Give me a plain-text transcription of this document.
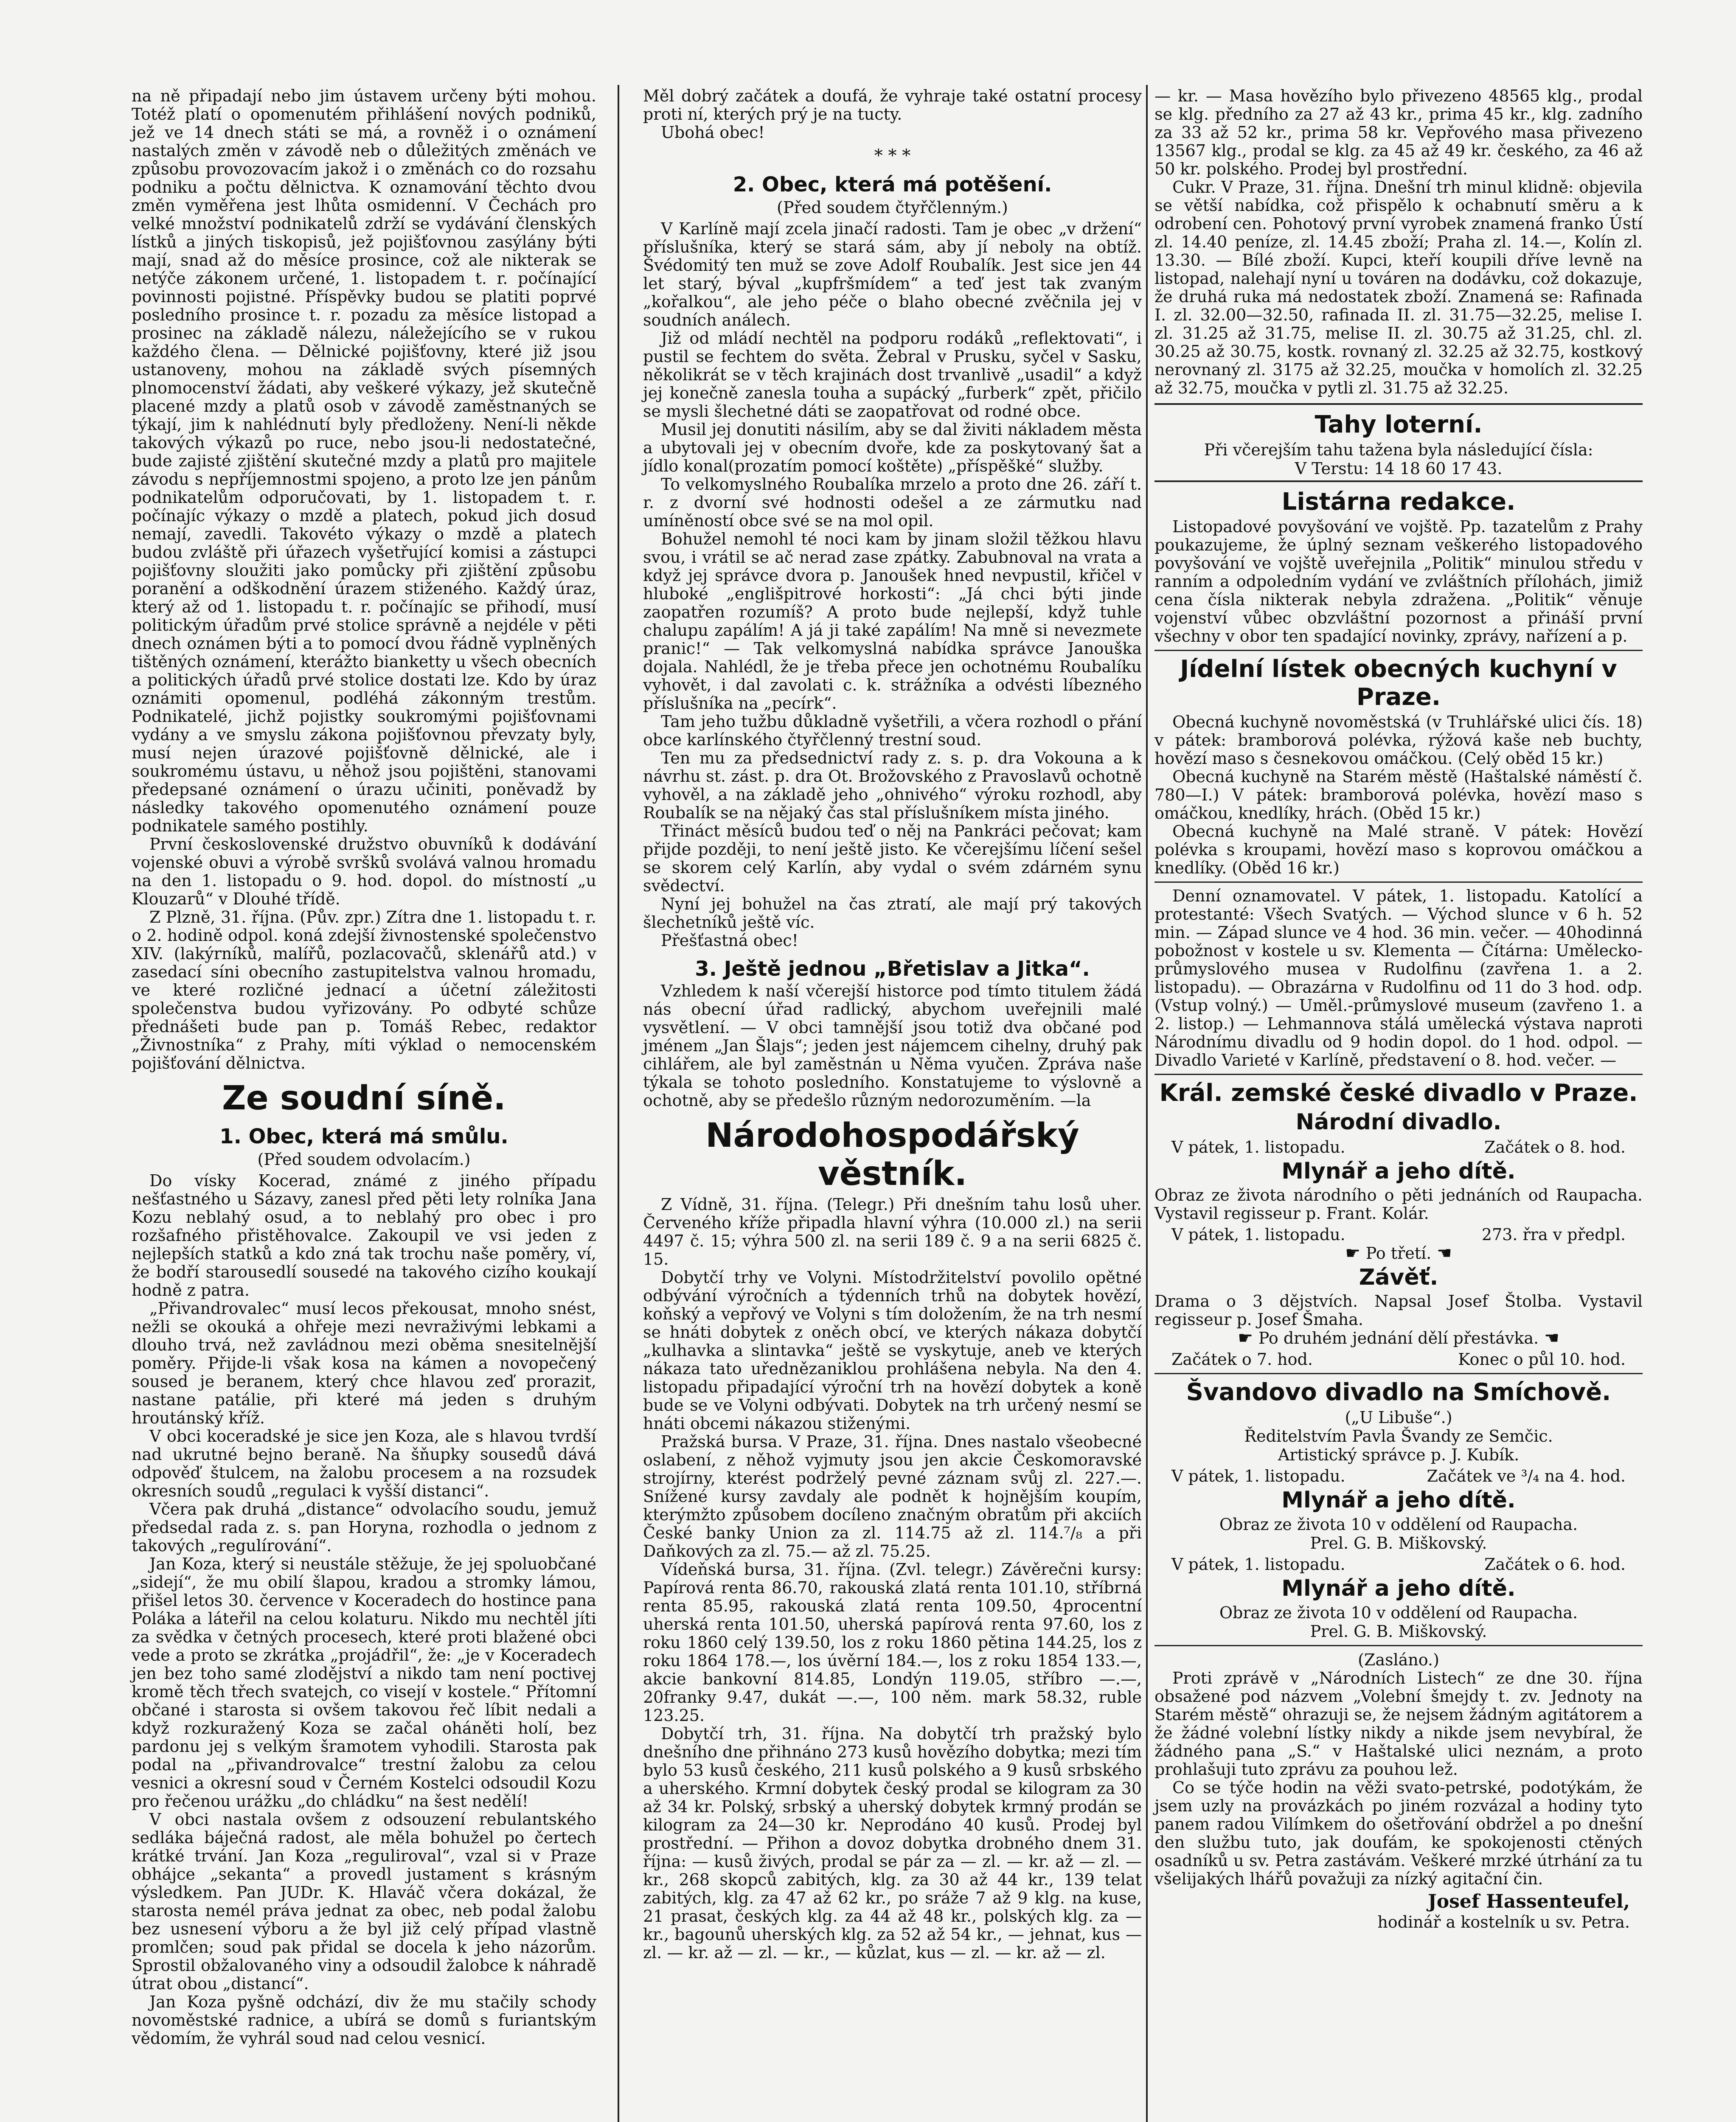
na ně připadají nebo jim ústavem určeny býti mohou. Totéž platí o opomenutém přihlášení nových podniků, jež ve 14 dnech státi se má, a rovněž i o oznámení nastalých změn v závodě neb o důležitých změnách ve způsobu provozovacím jakož i o změnách co do rozsahu podniku a počtu dělnictva. K oznamování těchto dvou změn vyměřena jest lhůta osmidenní. V Čechách pro velké množství podnikatelů zdrží se vydávání členských lístků a jiných tiskopisů, jež pojišťovnou zasýlány býti mají, snad až do měsíce prosince, což ale nikterak se netýče zákonem určené, 1. listopadem t. r. počínající povinnosti pojistné. Příspěvky budou se platiti poprvé posledního prosince t. r. pozadu za měsíce listopad a prosinec na základě nálezu, náležejícího se v rukou každého člena. — Dělnické pojišťovny, které již jsou ustanoveny, mohou na základě svých písemných plnomocenství žádati, aby veškeré výkazy, jež skutečně placené mzdy a platů osob v závodě zaměstnaných se týkají, jim k nahlédnutí byly předloženy. Není-li někde takových výkazů po ruce, nebo jsou-li nedostatečné, bude zajisté zjištění skutečné mzdy a platů pro majitele závodu s nepříjemnostmi spojeno, a proto lze jen pánům podnikatelům odporučovati, by 1. listopadem t. r. počínajíc výkazy o mzdě a platech, pokud jich dosud nemají, zavedli. Takovéto výkazy o mzdě a platech budou zvláště při úřazech vyšetřující komisi a zástupci pojišťovny sloužiti jako pomůcky při zjištění způsobu poranění a odškodnění úrazem stiženého. Každý úraz, který až od 1. listopadu t. r. počínajíc se přihodí, musí politickým úřadům prvé stolice správně a nejdéle v pěti dnech oznámen býti a to pomocí dvou řádně vyplněných tištěných oznámení, kterážto bianketty u všech obecních a politických úřadů prvé stolice dostati lze. Kdo by úraz oznámiti opomenul, podléhá zákonným trestům. Podnikatelé, jichž pojistky soukromými pojišťovnami vydány a ve smyslu zákona pojišťovnou převzaty byly, musí nejen úrazové pojišťovně dělnické, ale i soukromému ústavu, u něhož jsou pojištěni, stanovami předepsané oznámení o úrazu učiniti, poněvadž by následky takového opomenutého oznámení pouze podnikatele samého postihly.

První československé družstvo obuvníků k dodávání vojenské obuvi a výrobě svršků svolává valnou hromadu na den 1. listopadu o 9. hod. dopol. do místností „u Klouzarů“ v Dlouhé třídě.

Z Plzně, 31. října. (Pův. zpr.) Zítra dne 1. listopadu t. r. o 2. hodině odpol. koná zdejší živnostenské společenstvo XIV. (lakýrníků, malířů, pozlacovačů, sklenářů atd.) v zasedací síni obecního zastupitelstva valnou hromadu, ve které rozličné jednací a účetní záležitosti společenstva budou vyřizovány. Po odbyté schůze přednášeti bude pan p. Tomáš Rebec, redaktor „Živnostníka“ z Prahy, míti výklad o nemocenském pojišťování dělnictva.

Ze soudní síně.
1. Obec, která má smůlu.
(Před soudem odvolacím.)

Do vísky Kocerad, známé z jiného případu nešťastného u Sázavy, zanesl před pěti lety rolníka Jana Kozu neblahý osud, a to neblahý pro obec i pro rozšafného přistěhovalce. Zakoupil ve vsi jeden z nejlepších statků a kdo zná tak trochu naše poměry, ví, že bodří starousedlí sousedé na takového cizího koukají hodně z patra.

„Přivandrovalec“ musí lecos překousat, mnoho snést, nežli se okouká a ohřeje mezi nevraživými lebkami a dlouho trvá, než zavládnou mezi oběma snesitelnější poměry. Přijde-li však kosa na kámen a novopečený soused je beranem, který chce hlavou zeď prorazit, nastane patálie, při které má jeden s druhým hroutánský kříž.

V obci koceradské je sice jen Koza, ale s hlavou tvrdší nad ukrutné bejno beraně. Na šňupky sousedů dává odpověď štulcem, na žalobu procesem a na rozsudek okresních soudů „regulaci k vyšší distanci“.

Včera pak druhá „distance“ odvolacího soudu, jemuž předsedal rada z. s. pan Horyna, rozhodla o jednom z takových „regulírování“.

Jan Koza, který si neustále stěžuje, že jej spoluobčané „sidejí“, že mu obilí šlapou, kradou a stromky lámou, přišel letos 30. července v Koceradech do hostince pana Poláka a láteřil na celou kolaturu. Nikdo mu nechtěl jíti za svědka v četných procesech, které proti blažené obci vede a proto se zkrátka „projádřil“, že: „je v Koceradech jen bez toho samé zlodějství a nikdo tam není poctivej kromě těch třech svatejch, co visejí v kostele.“ Přítomní občané i starosta si ovšem takovou řeč líbit nedali a když rozkuražený Koza se začal oháněti holí, bez pardonu jej s velkým šramotem vyhodili. Starosta pak podal na „přivandrovalce“ trestní žalobu za celou vesnici a okresní soud v Černém Kostelci odsoudil Kozu pro řečenou urážku „do chládku“ na šest nedělí!

V obci nastala ovšem z odsouzení rebulantského sedláka báječná radost, ale měla bohužel po čertech krátké trvání. Jan Koza „reguliroval“, vzal si v Praze obhájce „sekanta“ a provedl justament s krásným výsledkem. Pan JUDr. K. Hlaváč včera dokázal, že starosta nemél práva jednat za obec, neb podal žalobu bez usnesení výboru a že byl již celý případ vlastně promlčen; soud pak přidal se docela k jeho názorům. Sprostil obžalovaného viny a odsoudil žalobce k náhradě útrat obou „distancí“.

Jan Koza pyšně odchází, div že mu stačily schody novoměstské radnice, a ubírá se domů s furiantským vědomím, že vyhrál soud nad celou vesnicí.

Měl dobrý začátek a doufá, že vyhraje také ostatní procesy proti ní, kterých prý je na tucty.

Ubohá obec!

* * *
2. Obec, která má potěšení.
(Před soudem čtyřčlenným.)

V Karlíně mají zcela jinačí radosti. Tam je obec „v držení“ příslušníka, který se stará sám, aby jí neboly na obtíž. Švédomitý ten muž se zove Adolf Roubalík. Jest sice jen 44 let starý, býval „kupfršmídem“ a teď jest tak zvaným „kořalkou“, ale jeho péče o blaho obecné zvěčnila jej v soudních análech.

Již od mládí nechtěl na podporu rodáků „reflektovati“, i pustil se fechtem do světa. Žebral v Prusku, syčel v Sasku, několikrát se v těch krajinách dost trvanlivě „usadil“ a když jej konečně zanesla touha a supácký „furberk“ zpět, přičilo se mysli šlechetné dáti se zaopatřovat od rodné obce.

Musil jej donutiti násilím, aby se dal živiti nákladem města a ubytovali jej v obecním dvoře, kde za poskytovaný šat a jídlo konal(prozatím pomocí koštěte) „příspěšké“ služby.

To velkomyslného Roubalíka mrzelo a proto dne 26. září t. r. z dvorní své hodnosti odešel a ze zármutku nad umíněností obce své se na mol opil.

Bohužel nemohl té noci kam by jinam složil těžkou hlavu svou, i vrátil se ač nerad zase zpátky. Zabubnoval na vrata a když jej správce dvora p. Janoušek hned nevpustil, křičel v hluboké „englišpitrové horkosti“: „Já chci býti jinde zaopatřen rozumíš? A proto bude nejlepší, když tuhle chalupu zapálím! A já ji také zapálím! Na mně si nevezmete pranic!“ — Tak velkomyslná nabídka správce Janouška dojala. Nahlédl, že je třeba přece jen ochotnému Roubalíku vyhovět, i dal zavolati c. k. strážníka a odvésti líbezného příslušníka na „pecírk“.

Tam jeho tužbu důkladně vyšetřili, a včera rozhodl o přání obce karlínského čtyřčlenný trestní soud.

Ten mu za předsednictví rady z. s. p. dra Vokouna a k návrhu st. zást. p. dra Ot. Brožovského z Pravoslavů ochotně vyhověl, a na základě jeho „ohnivého“ výroku rozhodl, aby Roubalík se na nějaký čas stal příslušníkem místa jiného.

Třináct měsíců budou teď o něj na Pankráci pečovat; kam přijde později, to není ještě jisto. Ke včerejšímu líčení sešel se skorem celý Karlín, aby vydal o svém zdárném synu svědectví.

Nyní jej bohužel na čas ztratí, ale mají prý takových šlechetníků ještě víc.

Přešťastná obec!

3. Ještě jednou „Břetislav a Jitka“.

Vzhledem k naší včerejší historce pod tímto titulem žádá nás obecní úřad radlický, abychom uveřejnili malé vysvětlení. — V obci tamnější jsou totiž dva občané pod jménem „Jan Šlajs“; jeden jest nájemcem cihelny, druhý pak cihlářem, ale byl zaměstnán u Něma vyučen. Zpráva naše týkala se tohoto posledního. Konstatujeme to výslovně a ochotně, aby se předešlo různým nedorozuměním. —la

Národohospodářský věstník.

Z Vídně, 31. října. (Telegr.) Při dnešním tahu losů uher. Červeného kříže připadla hlavní výhra (10.000 zl.) na serii 4497 č. 15; výhra 500 zl. na serii 189 č. 9 a na serii 6825 č. 15.

Dobytčí trhy ve Volyni. Místodržitelství povolilo opětné odbývání výročních a týdenních trhů na dobytek hovězí, koňský a vepřový ve Volyni s tím doložením, že na trh nesmí se hnáti dobytek z oněch obcí, ve kterých nákaza dobytčí „kulhavka a slintavka“ ještě se vyskytuje, aneb ve kterých nákaza tato uřednězaniklou prohlášena nebyla. Na den 4. listopadu připadající výroční trh na hovězí dobytek a koně bude se ve Volyni odbývati. Dobytek na trh určený nesmí se hnáti obcemi nákazou stiženými.

Pražská bursa. V Praze, 31. října. Dnes nastalo všeobecné oslabení, z něhož vyjmuty jsou jen akcie Českomoravské strojírny, kterést podrželý pevné záznam svůj zl. 227.—. Snížené kursy zavdaly ale podnět k hojnějším koupím, kterýmžto způsobem docíleno značným obratům při akciích České banky Union za zl. 114.75 až zl. 114.⁷/₈ a při Daňkových za zl. 75.— až zl. 75.25.

Vídeňská bursa, 31. října. (Zvl. telegr.) Závěrečni kursy: Papírová renta 86.70, rakouská zlatá renta 101.10, stříbrná renta 85.95, rakouská zlatá renta 109.50, 4procentní uherská renta 101.50, uherská papírová renta 97.60, los z roku 1860 celý 139.50, los z roku 1860 pětina 144.25, los z roku 1864 178.—, los úvěrní 184.—, los z roku 1854 133.—, akcie bankovní 814.85, Londýn 119.05, stříbro —.—, 20franky 9.47, dukát —.—, 100 něm. mark 58.32, ruble 123.25.

Dobytčí trh, 31. října. Na dobytčí trh pražský bylo dnešního dne přihnáno 273 kusů hovězího dobytka; mezi tím bylo 53 kusů českého, 211 kusů polského a 9 kusů srbského a uherského. Krmní dobytek český prodal se kilogram za 30 až 34 kr. Polský, srbský a uherský dobytek krmný prodán se kilogram za 24—30 kr. Neprodáno 40 kusů. Prodej byl prostřední. — Přihon a dovoz dobytka drobného dnem 31. října: — kusů živých, prodal se pár za — zl. — kr. až — zl. — kr., 268 skopců zabitých, klg. za 30 až 44 kr., 139 telat zabitých, klg. za 47 až 62 kr., po sráže 7 až 9 klg. na kuse, 21 prasat, českých klg. za 44 až 48 kr., polských klg. za — kr., bagounů uherských klg. za 52 až 54 kr., — jehnat, kus — zl. — kr. až — zl. — kr., — kůzlat, kus — zl. — kr. až — zl.

— kr. — Masa hovězího bylo přivezeno 48565 klg., prodal se klg. předního za 27 až 43 kr., prima 45 kr., klg. zadního za 33 až 52 kr., prima 58 kr. Vepřového masa přivezeno 13567 klg., prodal se klg. za 45 až 49 kr. českého, za 46 až 50 kr. polského. Prodej byl prostřední.

Cukr. V Praze, 31. října. Dnešní trh minul klidně: objevila se větší nabídka, což přispělo k ochabnutí směru a k odrobení cen. Pohotový první vyrobek znamená franko Ústí zl. 14.40 peníze, zl. 14.45 zboží; Praha zl. 14.—, Kolín zl. 13.30. — Bílé zboží. Kupci, kteří koupili dříve levně na listopad, nalehají nyní u továren na dodávku, což dokazuje, že druhá ruka má nedostatek zboží. Znamená se: Rafinada I. zl. 32.00—32.50, rafinada II. zl. 31.75—32.25, melise I. zl. 31.25 až 31.75, melise II. zl. 30.75 až 31.25, chl. zl. 30.25 až 30.75, kostk. rovnaný zl. 32.25 až 32.75, kostkový nerovnaný zl. 3175 až 32.25, moučka v homolích zl. 32.25 až 32.75, moučka v pytli zl. 31.75 až 32.25.

Tahy loterní.

Při včerejším tahu tažena byla následující čísla:

V Terstu: 14 18 60 17 43.

Listárna redakce.

Listopadové povyšování ve vojště. Pp. tazatelům z Prahy poukazujeme, že úplný seznam veškerého listopadového povyšování ve vojště uveřejnila „Politik“ minulou středu v ranním a odpoledním vydání ve zvláštních přílohách, jimiž cena čísla nikterak nebyla zdražena. „Politik“ věnuje vojenství vůbec obzvláštní pozornost a přináší první všechny v obor ten spadající novinky, zprávy, nařízení a p.

Jídelní lístek obecných kuchyní v Praze.

Obecná kuchyně novoměstská (v Truhlářské ulici čís. 18) v pátek: bramborová polévka, rýžová kaše neb buchty, hovězí maso s česnekovou omáčkou. (Celý oběd 15 kr.)

Obecná kuchyně na Starém městě (Haštalské náměstí č. 780—I.) V pátek: bramborová polévka, hovězí maso s omáčkou, knedlíky, hrách. (Oběd 15 kr.)

Obecná kuchyně na Malé straně. V pátek: Hovězí polévka s kroupami, hovězí maso s koprovou omáčkou a knedlíky. (Oběd 16 kr.)

Denní oznamovatel. V pátek, 1. listopadu. Katolící a protestanté: Všech Svatých. — Východ slunce v 6 h. 52 min. — Západ slunce ve 4 hod. 36 min. večer. — 40hodinná pobožnost v kostele u sv. Klementa — Čítárna: Umělecko-průmyslového musea v Rudolfinu (zavřena 1. a 2. listopadu). — Obrazárna v Rudolfinu od 11 do 3 hod. odp. (Vstup volný.) — Uměl.-průmyslové museum (zavřeno 1. a 2. listop.) — Lehmannova stálá umělecká výstava naproti Národnímu divadlu od 9 hodin dopol. do 1 hod. odpol. — Divadlo Varieté v Karlíně, představení o 8. hod. večer. —

Král. zemské české divadlo v Praze.
Národní divadlo.
V pátek, 1. listopadu.	Začátek o 8. hod.
Mlynář a jeho dítě.

Obraz ze života národního o pěti jednáních od Raupacha. Vystavil regisseur p. Frant. Kolár.

V pátek, 1. listopadu.	273. řra v předpl.

☛ Po třetí. ☚

Závěť.

Drama o 3 dějstvích. Napsal Josef Štolba. Vystavil regisseur p. Josef Šmaha.

☛ Po druhém jednání dělí přestávka. ☚

Začátek o 7. hod.	Konec o půl 10. hod.
Švandovo divadlo na Smíchově.

(„U Libuše“.)

Ředitelstvím Pavla Švandy ze Semčic.

Artistický správce p. J. Kubík.

V pátek, 1. listopadu.	Začátek ve ³/₄ na 4. hod.
Mlynář a jeho dítě.

Obraz ze života 10 v oddělení od Raupacha.

Prel. G. B. Miškovský.

V pátek, 1. listopadu.	Začátek o 6. hod.
Mlynář a jeho dítě.

Obraz ze života 10 v oddělení od Raupacha.

Prel. G. B. Miškovský.

(Zasláno.)

Proti zprávě v „Národních Listech“ ze dne 30. října obsažené pod názvem „Volební šmejdy t. zv. Jednoty na Starém městě“ ohrazuji se, že nejsem žádným agitátorem a že žádné volební lístky nikdy a nikde jsem nevybíral, že žádného pana „S.“ v Haštalské ulici neznám, a proto prohlašuji tuto zprávu za pouhou lež.

Co se týče hodin na věži svato-petrské, podotýkám, že jsem uzly na provázkách po jiném rozvázal a hodiny tyto panem radou Vilímkem do ošetřování obdržel a po dnešní den službu tuto, jak doufám, ke spokojenosti ctěných osadníků u sv. Petra zastávám. Veškeré mrzké útrhání za tu všelijakých lhářů považuji za nízký agitační čin.

Josef Hassenteufel,
hodinář a kostelník u sv. Petra.
